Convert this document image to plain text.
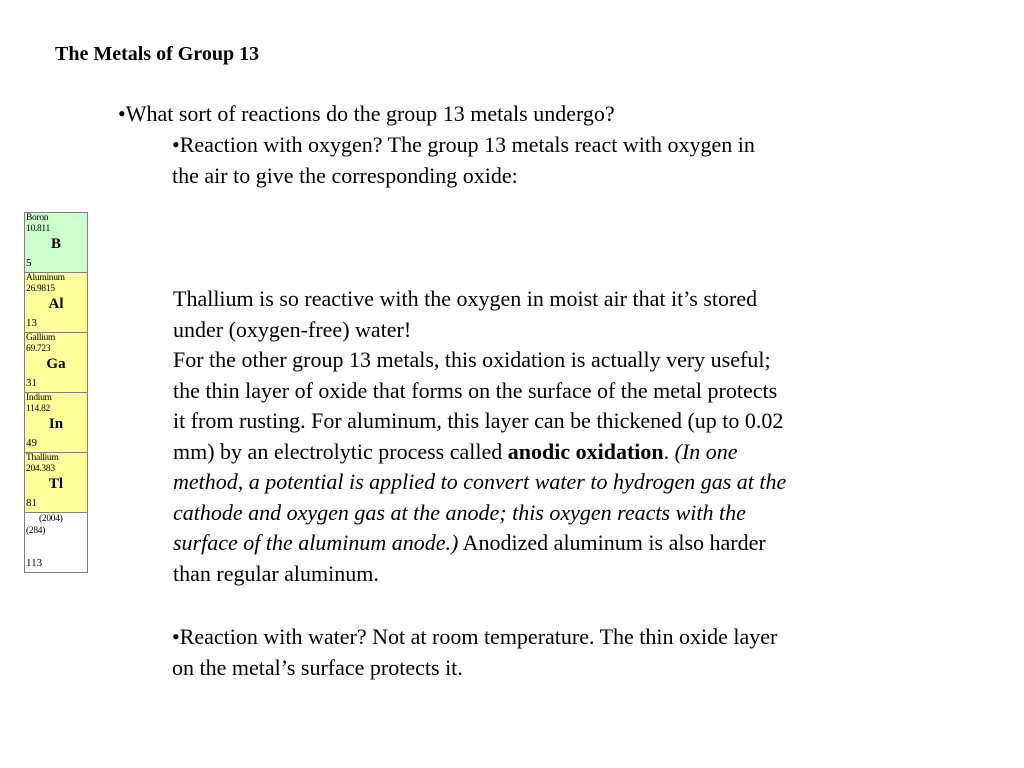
The Metals of Group 13

•What sort of reactions do the group 13 metals undergo?

•Reaction with oxygen? The group 13 metals react with oxygen in
the air to give the corresponding oxide:

Thallium is so reactive with the oxygen in moist air that it’s stored
under (oxygen-free) water!
For the other group 13 metals, this oxidation is actually very useful;
the thin layer of oxide that forms on the surface of the metal protects
it from rusting. For aluminum, this layer can be thickened (up to 0.02
mm) by an electrolytic process called anodic oxidation. (In one
method, a potential is applied to convert water to hydrogen gas at the
cathode and oxygen gas at the anode; this oxygen reacts with the
surface of the aluminum anode.) Anodized aluminum is also harder
than regular aluminum.

•Reaction with water? Not at room temperature. The thin oxide layer
on the metal’s surface protects it.

Boron
10.811
B
5
Aluminum
26.9815
Al
13
Gallium
69.723
Ga
31
Indium
114.82
In
49
Thallium
204.383
Tl
81
(2004)
(284)
113
